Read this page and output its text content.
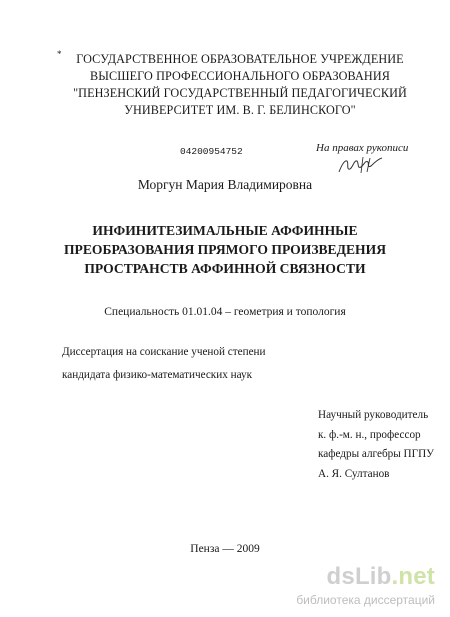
*	ГОСУДАРСТВЕННОЕ ОБРАЗОВАТЕЛЬНОЕ УЧРЕЖДЕНИЕ
ВЫСШЕГО ПРОФЕССИОНАЛЬНОГО ОБРАЗОВАНИЯ
"ПЕНЗЕНСКИЙ ГОСУДАРСТВЕННЫЙ ПЕДАГОГИЧЕСКИЙ
УНИВЕРСИТЕТ ИМ. В. Г. БЕЛИНСКОГО"
04200954752	На правах рукописи
Моргун Мария Владимировна
ИНФИНИТЕЗИМАЛЬНЫЕ АФФИННЫЕ
ПРЕОБРАЗОВАНИЯ ПРЯМОГО ПРОИЗВЕДЕНИЯ
ПРОСТРАНСТВ АФФИННОЙ СВЯЗНОСТИ
Специальность 01.01.04 – геометрия и топология
Диссертация на соискание ученой степени
кандидата физико-математических наук
Научный руководитель
к. ф.-м. н., профессор
кафедры алгебры ПГПУ
А. Я. Султанов
Пенза — 2009
dsLib.net
библиотека диссертаций
